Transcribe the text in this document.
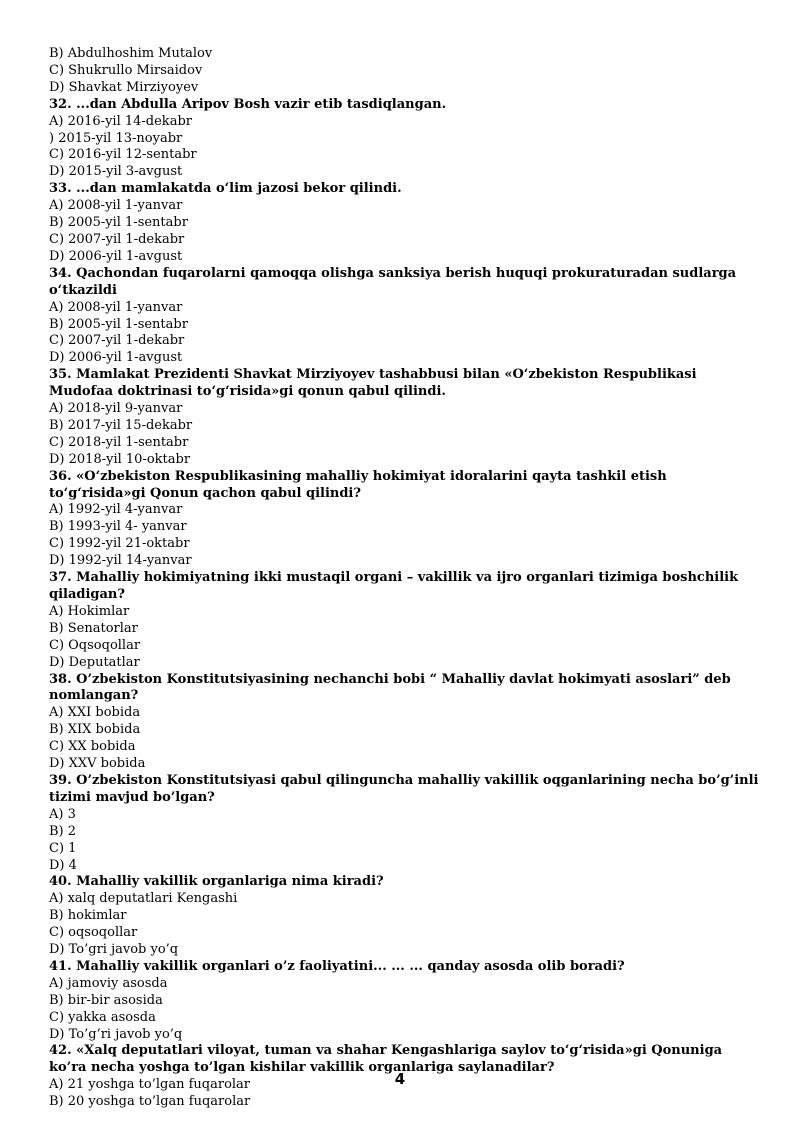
B) Abdulhoshim Mutalov
C) Shukrullo Mirsaidov
D) Shavkat Mirziyoyev
32. ...dan Abdulla Aripov Bosh vazir etib tasdiqlangan.
A) 2016-yil 14-dekabr
) 2015-yil 13-noyabr
C) 2016-yil 12-sentabr
D) 2015-yil 3-avgust
33. ...dan mamlakatda o‘lim jazosi bekor qilindi.
A) 2008-yil 1-yanvar
B) 2005-yil 1-sentabr
C) 2007-yil 1-dekabr
D) 2006-yil 1-avgust
34. Qachondan fuqarolarni qamoqqa olishga sanksiya berish huquqi prokuraturadan sudlarga o‘tkazildi
A) 2008-yil 1-yanvar
B) 2005-yil 1-sentabr
C) 2007-yil 1-dekabr
D) 2006-yil 1-avgust
35. Mamlakat Prezidenti Shavkat Mirziyoyev tashabbusi bilan «O‘zbekiston Respublikasi Mudofaa doktrinasi to‘g‘risida»gi qonun qabul qilindi.
A) 2018-yil 9-yanvar
B) 2017-yil 15-dekabr
C) 2018-yil 1-sentabr
D) 2018-yil 10-oktabr
36. «O‘zbekiston Respublikasining mahalliy hokimiyat idoralarini qayta tashkil etish to‘g‘risida»gi Qonun qachon qabul qilindi?
A) 1992-yil 4-yanvar
B) 1993-yil 4- yanvar
C) 1992-yil 21-oktabr
D) 1992-yil 14-yanvar
37. Mahalliy hokimiyatning ikki mustaqil organi – vakillik va ijro organlari tizimiga boshchilik qiladigan?
A) Hokimlar
B) Senatorlar
C) Oqsoqollar
D) Deputatlar
38. O’zbekiston Konstitutsiyasining nechanchi bobi “ Mahalliy davlat hokimyati asoslari” deb nomlangan?
A) XXI bobida
B) XIX bobida
C) XX bobida
D) XXV bobida
39. O’zbekiston Konstitutsiyasi qabul qilinguncha mahalliy vakillik oqganlarining necha bo’g’inli tizimi mavjud bo’lgan?
A) 3
B) 2
C) 1
D) 4
40. Mahalliy vakillik organlariga nima kiradi?
A) xalq deputatlari Kengashi
B) hokimlar
C) oqsoqollar
D) To’gri javob yo’q
41. Mahalliy vakillik organlari o’z faoliyatini... ... ... qanday asosda olib boradi?
A) jamoviy asosda
B) bir-bir asosida
C) yakka asosda
D) To’g’ri javob yo’q
42. «Xalq deputatlari viloyat, tuman va shahar Kengashlariga saylov to‘g‘risida»gi Qonuniga ko’ra necha yoshga to’lgan kishilar vakillik organlariga saylanadilar?
A) 21 yoshga to’lgan fuqarolar
B) 20 yoshga to’lgan fuqarolar
4
